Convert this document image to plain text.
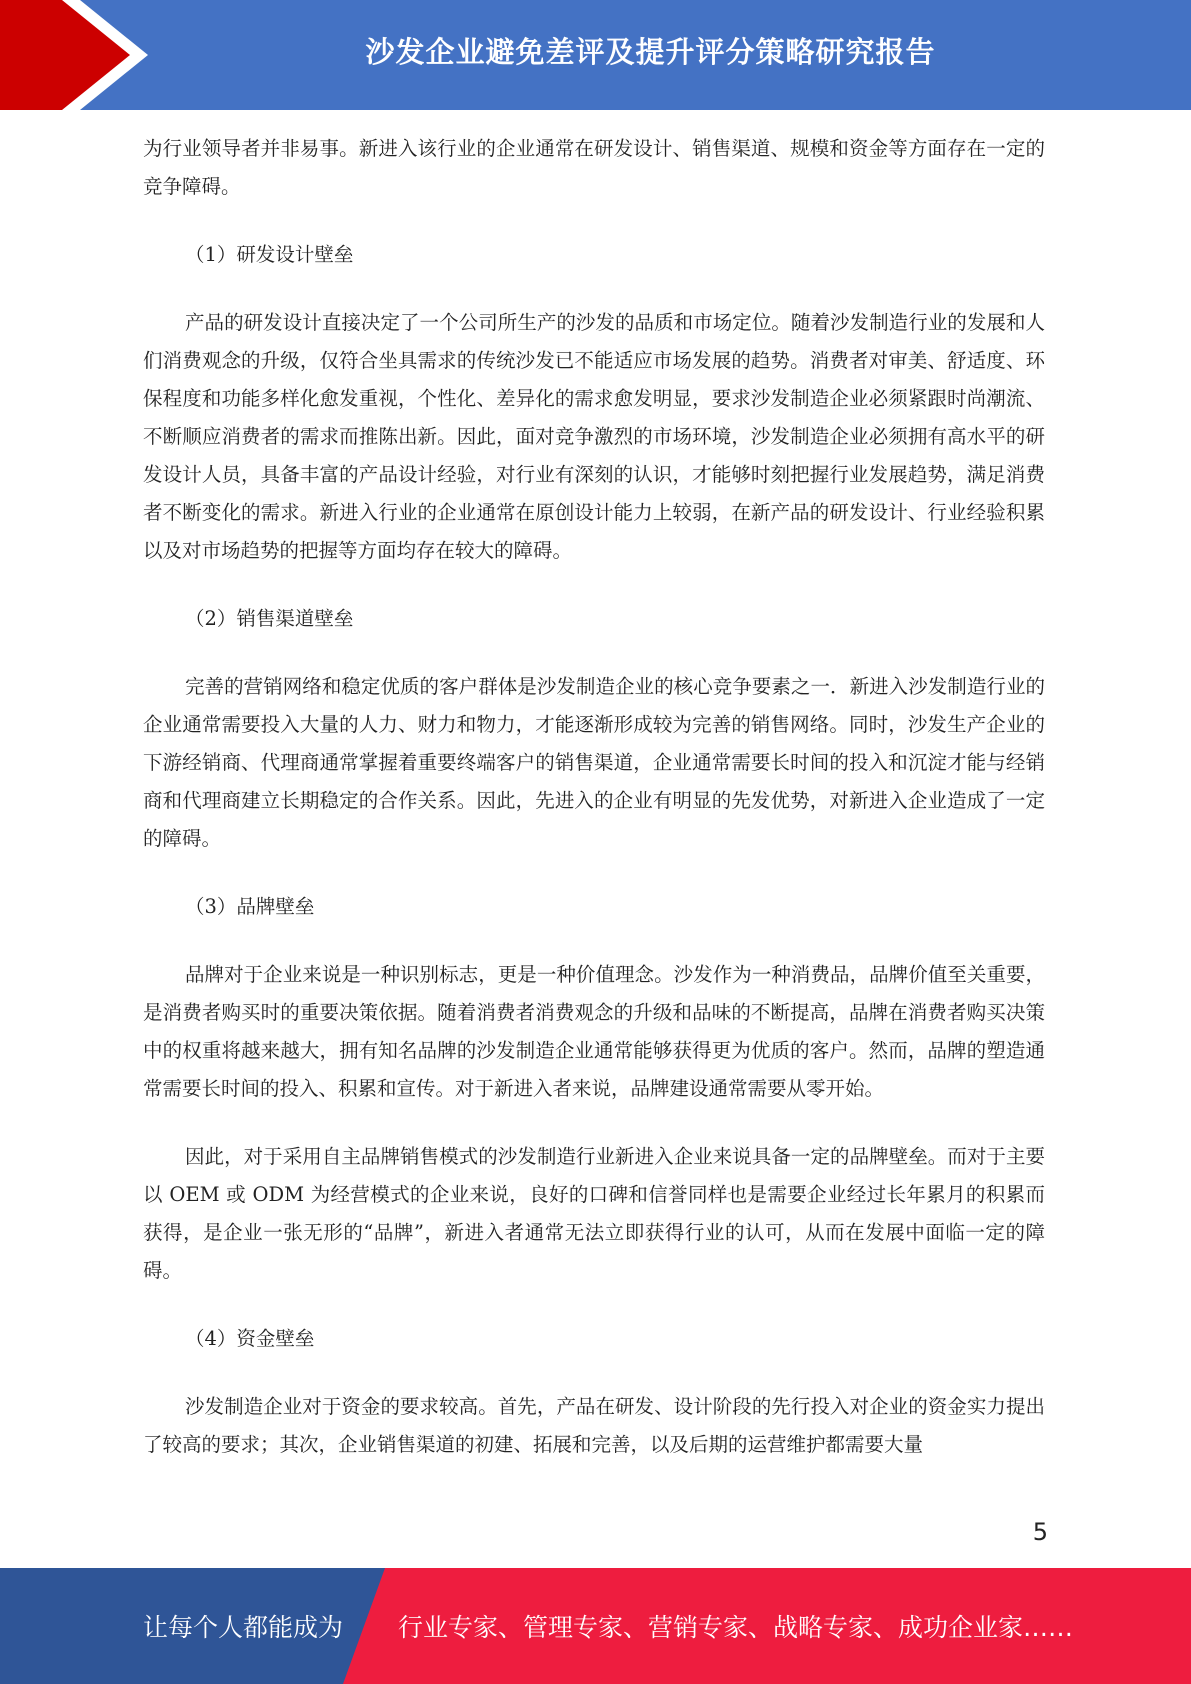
沙发企业避免差评及提升评分策略研究报告

为行业领导者并非易事。新进入该行业的企业通常在研发设计、销售渠道、规模和资金等方面存在一定的竞争障碍。

（1）研发设计壁垒

产品的研发设计直接决定了一个公司所生产的沙发的品质和市场定位。随着沙发制造行业的发展和人们消费观念的升级，仅符合坐具需求的传统沙发已不能适应市场发展的趋势。消费者对审美、舒适度、环保程度和功能多样化愈发重视，个性化、差异化的需求愈发明显，要求沙发制造企业必须紧跟时尚潮流、不断顺应消费者的需求而推陈出新。因此，面对竞争激烈的市场环境，沙发制造企业必须拥有高水平的研发设计人员，具备丰富的产品设计经验，对行业有深刻的认识，才能够时刻把握行业发展趋势，满足消费者不断变化的需求。新进入行业的企业通常在原创设计能力上较弱，在新产品的研发设计、行业经验积累以及对市场趋势的把握等方面均存在较大的障碍。

（2）销售渠道壁垒

完善的营销网络和稳定优质的客户群体是沙发制造企业的核心竞争要素之一．新进入沙发制造行业的企业通常需要投入大量的人力、财力和物力，才能逐渐形成较为完善的销售网络。同时，沙发生产企业的下游经销商、代理商通常掌握着重要终端客户的销售渠道，企业通常需要长时间的投入和沉淀才能与经销商和代理商建立长期稳定的合作关系。因此，先进入的企业有明显的先发优势，对新进入企业造成了一定的障碍。

（3）品牌壁垒

品牌对于企业来说是一种识别标志，更是一种价值理念。沙发作为一种消费品，品牌价值至关重要，是消费者购买时的重要决策依据。随着消费者消费观念的升级和品味的不断提高，品牌在消费者购买决策中的权重将越来越大，拥有知名品牌的沙发制造企业通常能够获得更为优质的客户。然而，品牌的塑造通常需要长时间的投入、积累和宣传。对于新进入者来说，品牌建设通常需要从零开始。

因此，对于采用自主品牌销售模式的沙发制造行业新进入企业来说具备一定的品牌壁垒。而对于主要以 OEM 或 ODM 为经营模式的企业来说，良好的口碑和信誉同样也是需要企业经过长年累月的积累而获得，是企业一张无形的“品牌”，新进入者通常无法立即获得行业的认可，从而在发展中面临一定的障碍。

（4）资金壁垒

沙发制造企业对于资金的要求较高。首先，产品在研发、设计阶段的先行投入对企业的资金实力提出了较高的要求；其次，企业销售渠道的初建、拓展和完善，以及后期的运营维护都需要大量

5
让每个人都能成为 行业专家、管理专家、营销专家、战略专家、成功企业家……
